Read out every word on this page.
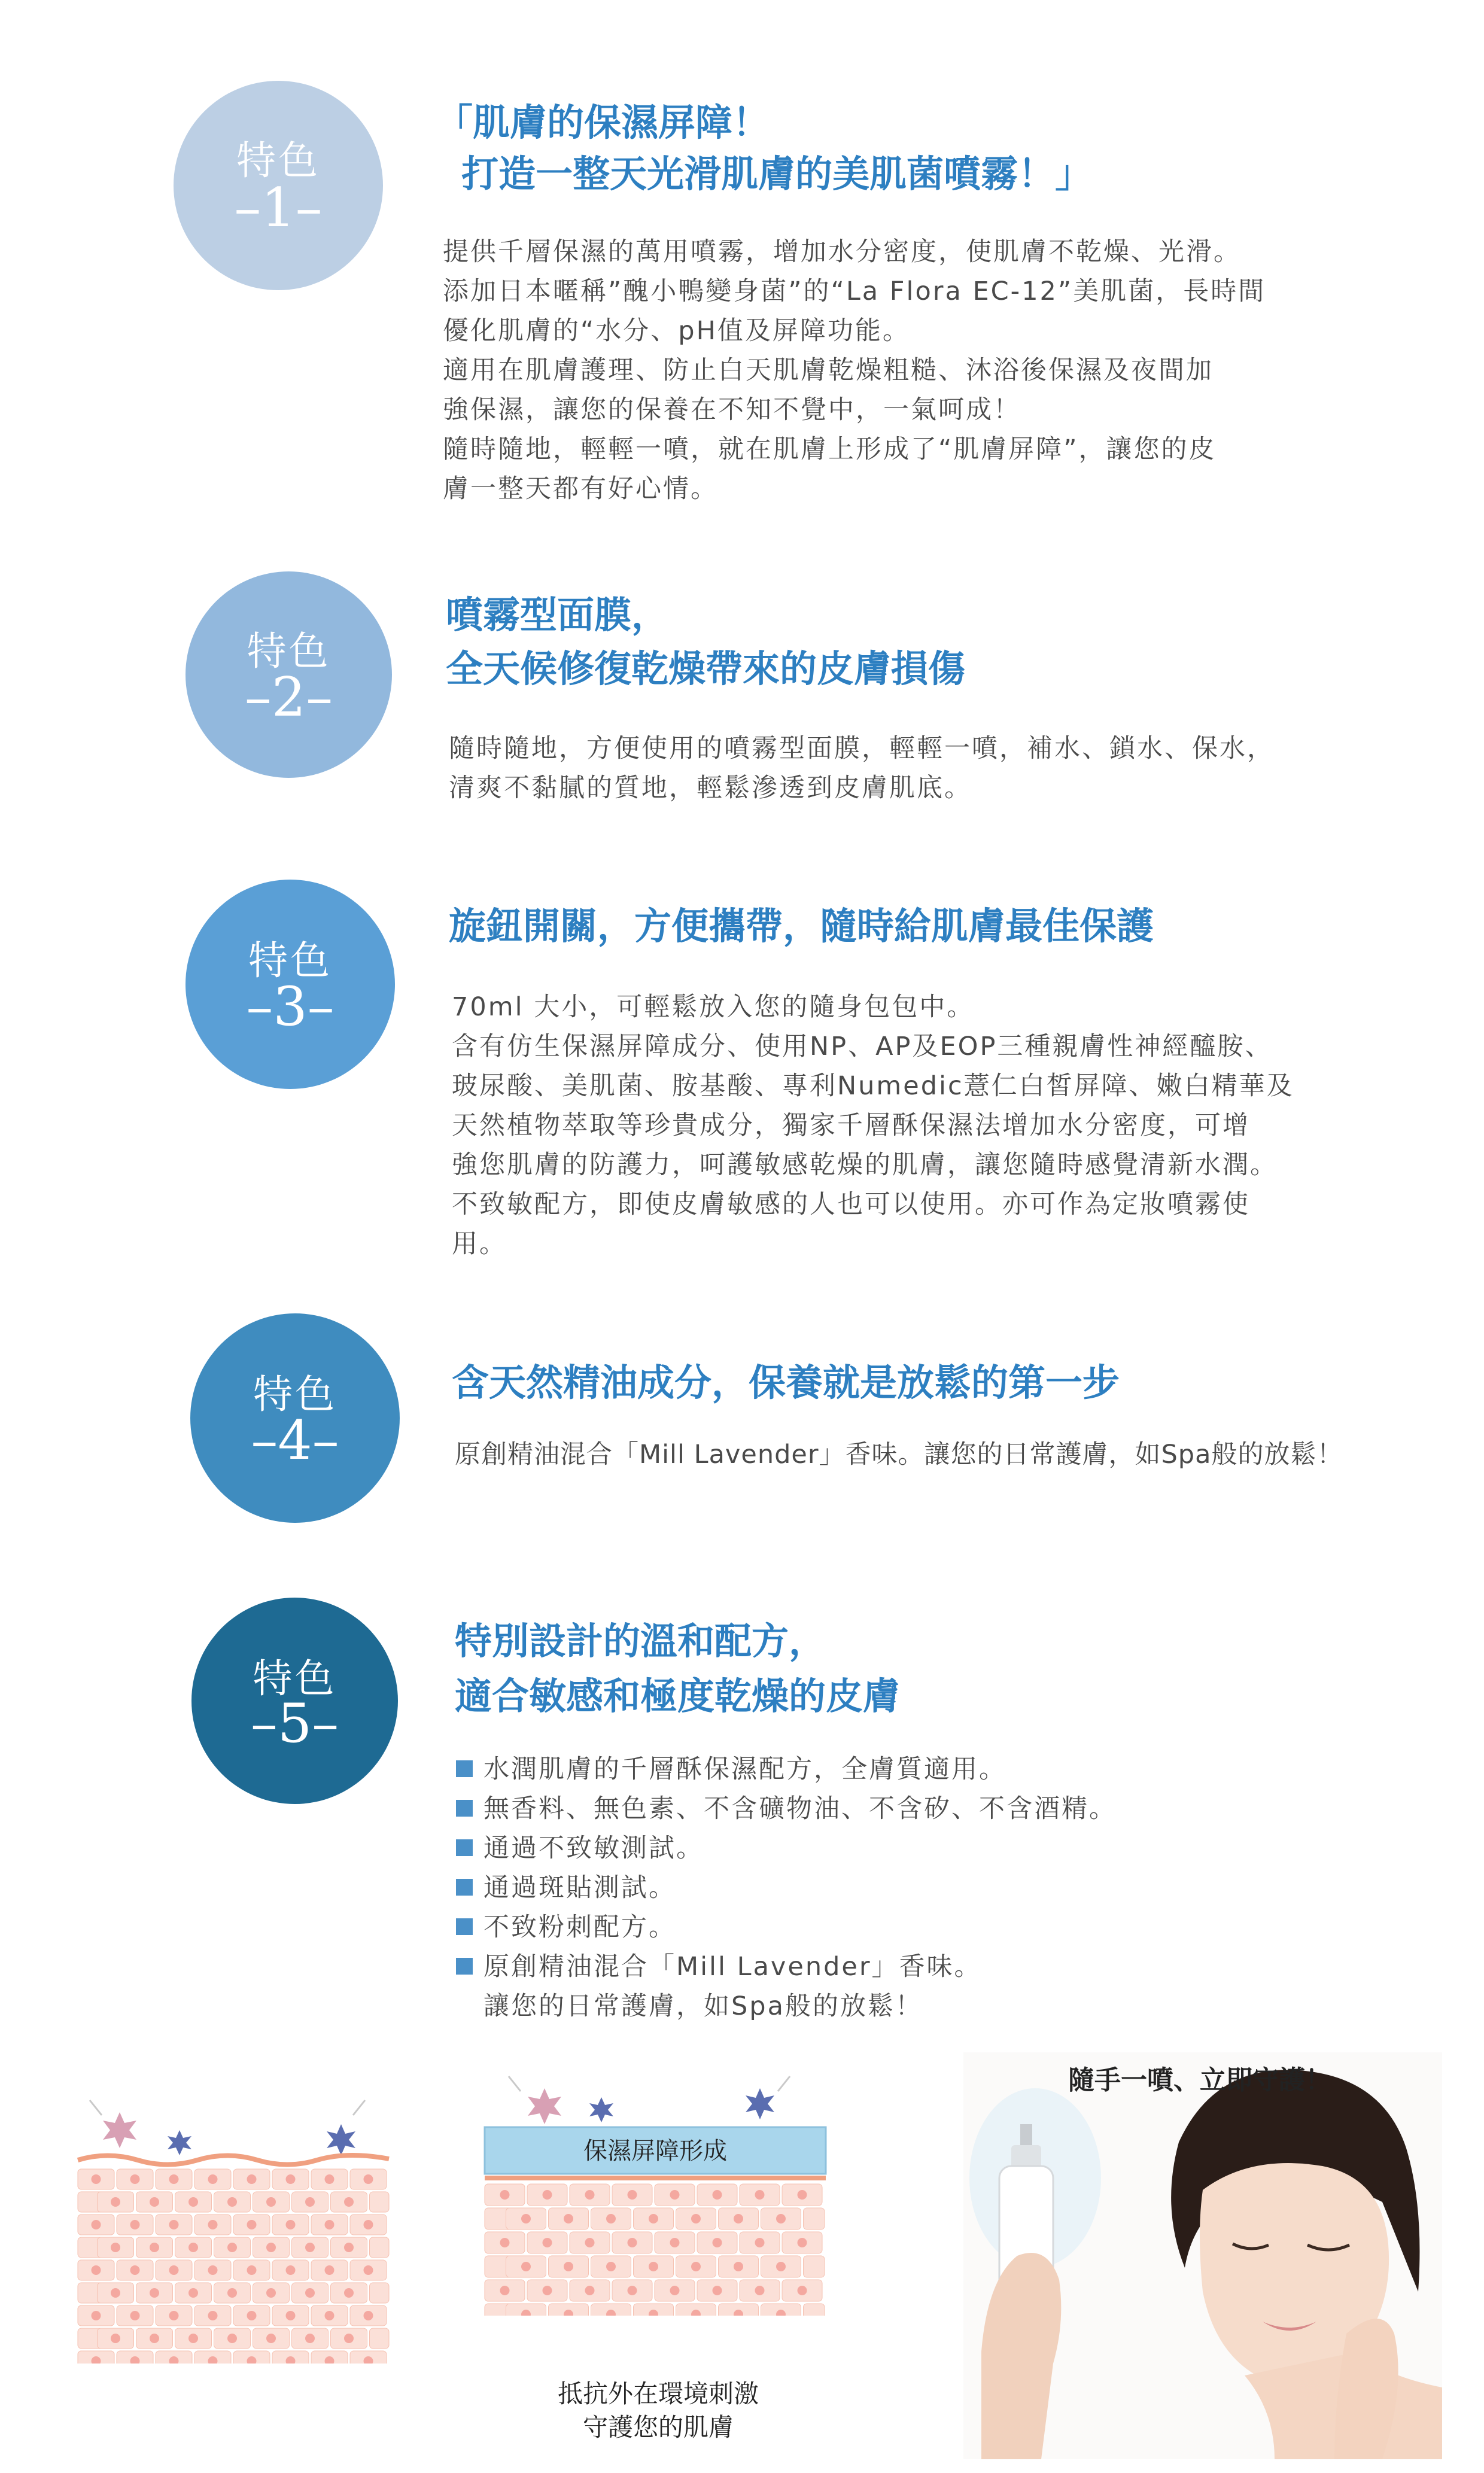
特色
–1–
「肌膚的保濕屏障！
打造一整天光滑肌膚的美肌菌噴霧！」
提供千層保濕的萬用噴霧，增加水分密度，使肌膚不乾燥、光滑。
添加日本暱稱”醜小鴨變身菌”的“La Flora EC-12”美肌菌，長時間
優化肌膚的“水分、pH值及屏障功能。
適用在肌膚護理、防止白天肌膚乾燥粗糙、沐浴後保濕及夜間加
強保濕，讓您的保養在不知不覺中，一氣呵成！
隨時隨地，輕輕一噴，就在肌膚上形成了“肌膚屏障”，讓您的皮
膚一整天都有好心情。
特色
–2–
噴霧型面膜，
全天候修復乾燥帶來的皮膚損傷
隨時隨地，方便使用的噴霧型面膜，輕輕一噴，補水、鎖水、保水，
清爽不黏膩的質地，輕鬆滲透到皮膚肌底。
特色
–3–
旋鈕開關，方便攜帶，隨時給肌膚最佳保護
70ml 大小，可輕鬆放入您的隨身包包中。
含有仿生保濕屏障成分、使用NP、AP及EOP三種親膚性神經醯胺、
玻尿酸、美肌菌、胺基酸、專利Numedic薏仁白皙屏障、嫩白精華及
天然植物萃取等珍貴成分，獨家千層酥保濕法增加水分密度，可增
強您肌膚的防護力，呵護敏感乾燥的肌膚，讓您隨時感覺清新水潤。
不致敏配方，即使皮膚敏感的人也可以使用。亦可作為定妝噴霧使
用。
特色
–4–
含天然精油成分，保養就是放鬆的第一步
原創精油混合「Mill Lavender」香味。讓您的日常護膚，如Spa般的放鬆！
特色
–5–
特別設計的溫和配方，
適合敏感和極度乾燥的皮膚
水潤肌膚的千層酥保濕配方，全膚質適用。
無香料、無色素、不含礦物油、不含矽、不含酒精。
通過不致敏測試。
通過斑貼測試。
不致粉刺配方。
原創精油混合「Mill Lavender」香味。
讓您的日常護膚，如Spa般的放鬆！
保濕屏障形成
抵抗外在環境刺激
守護您的肌膚
隨手一噴、立即守護！
